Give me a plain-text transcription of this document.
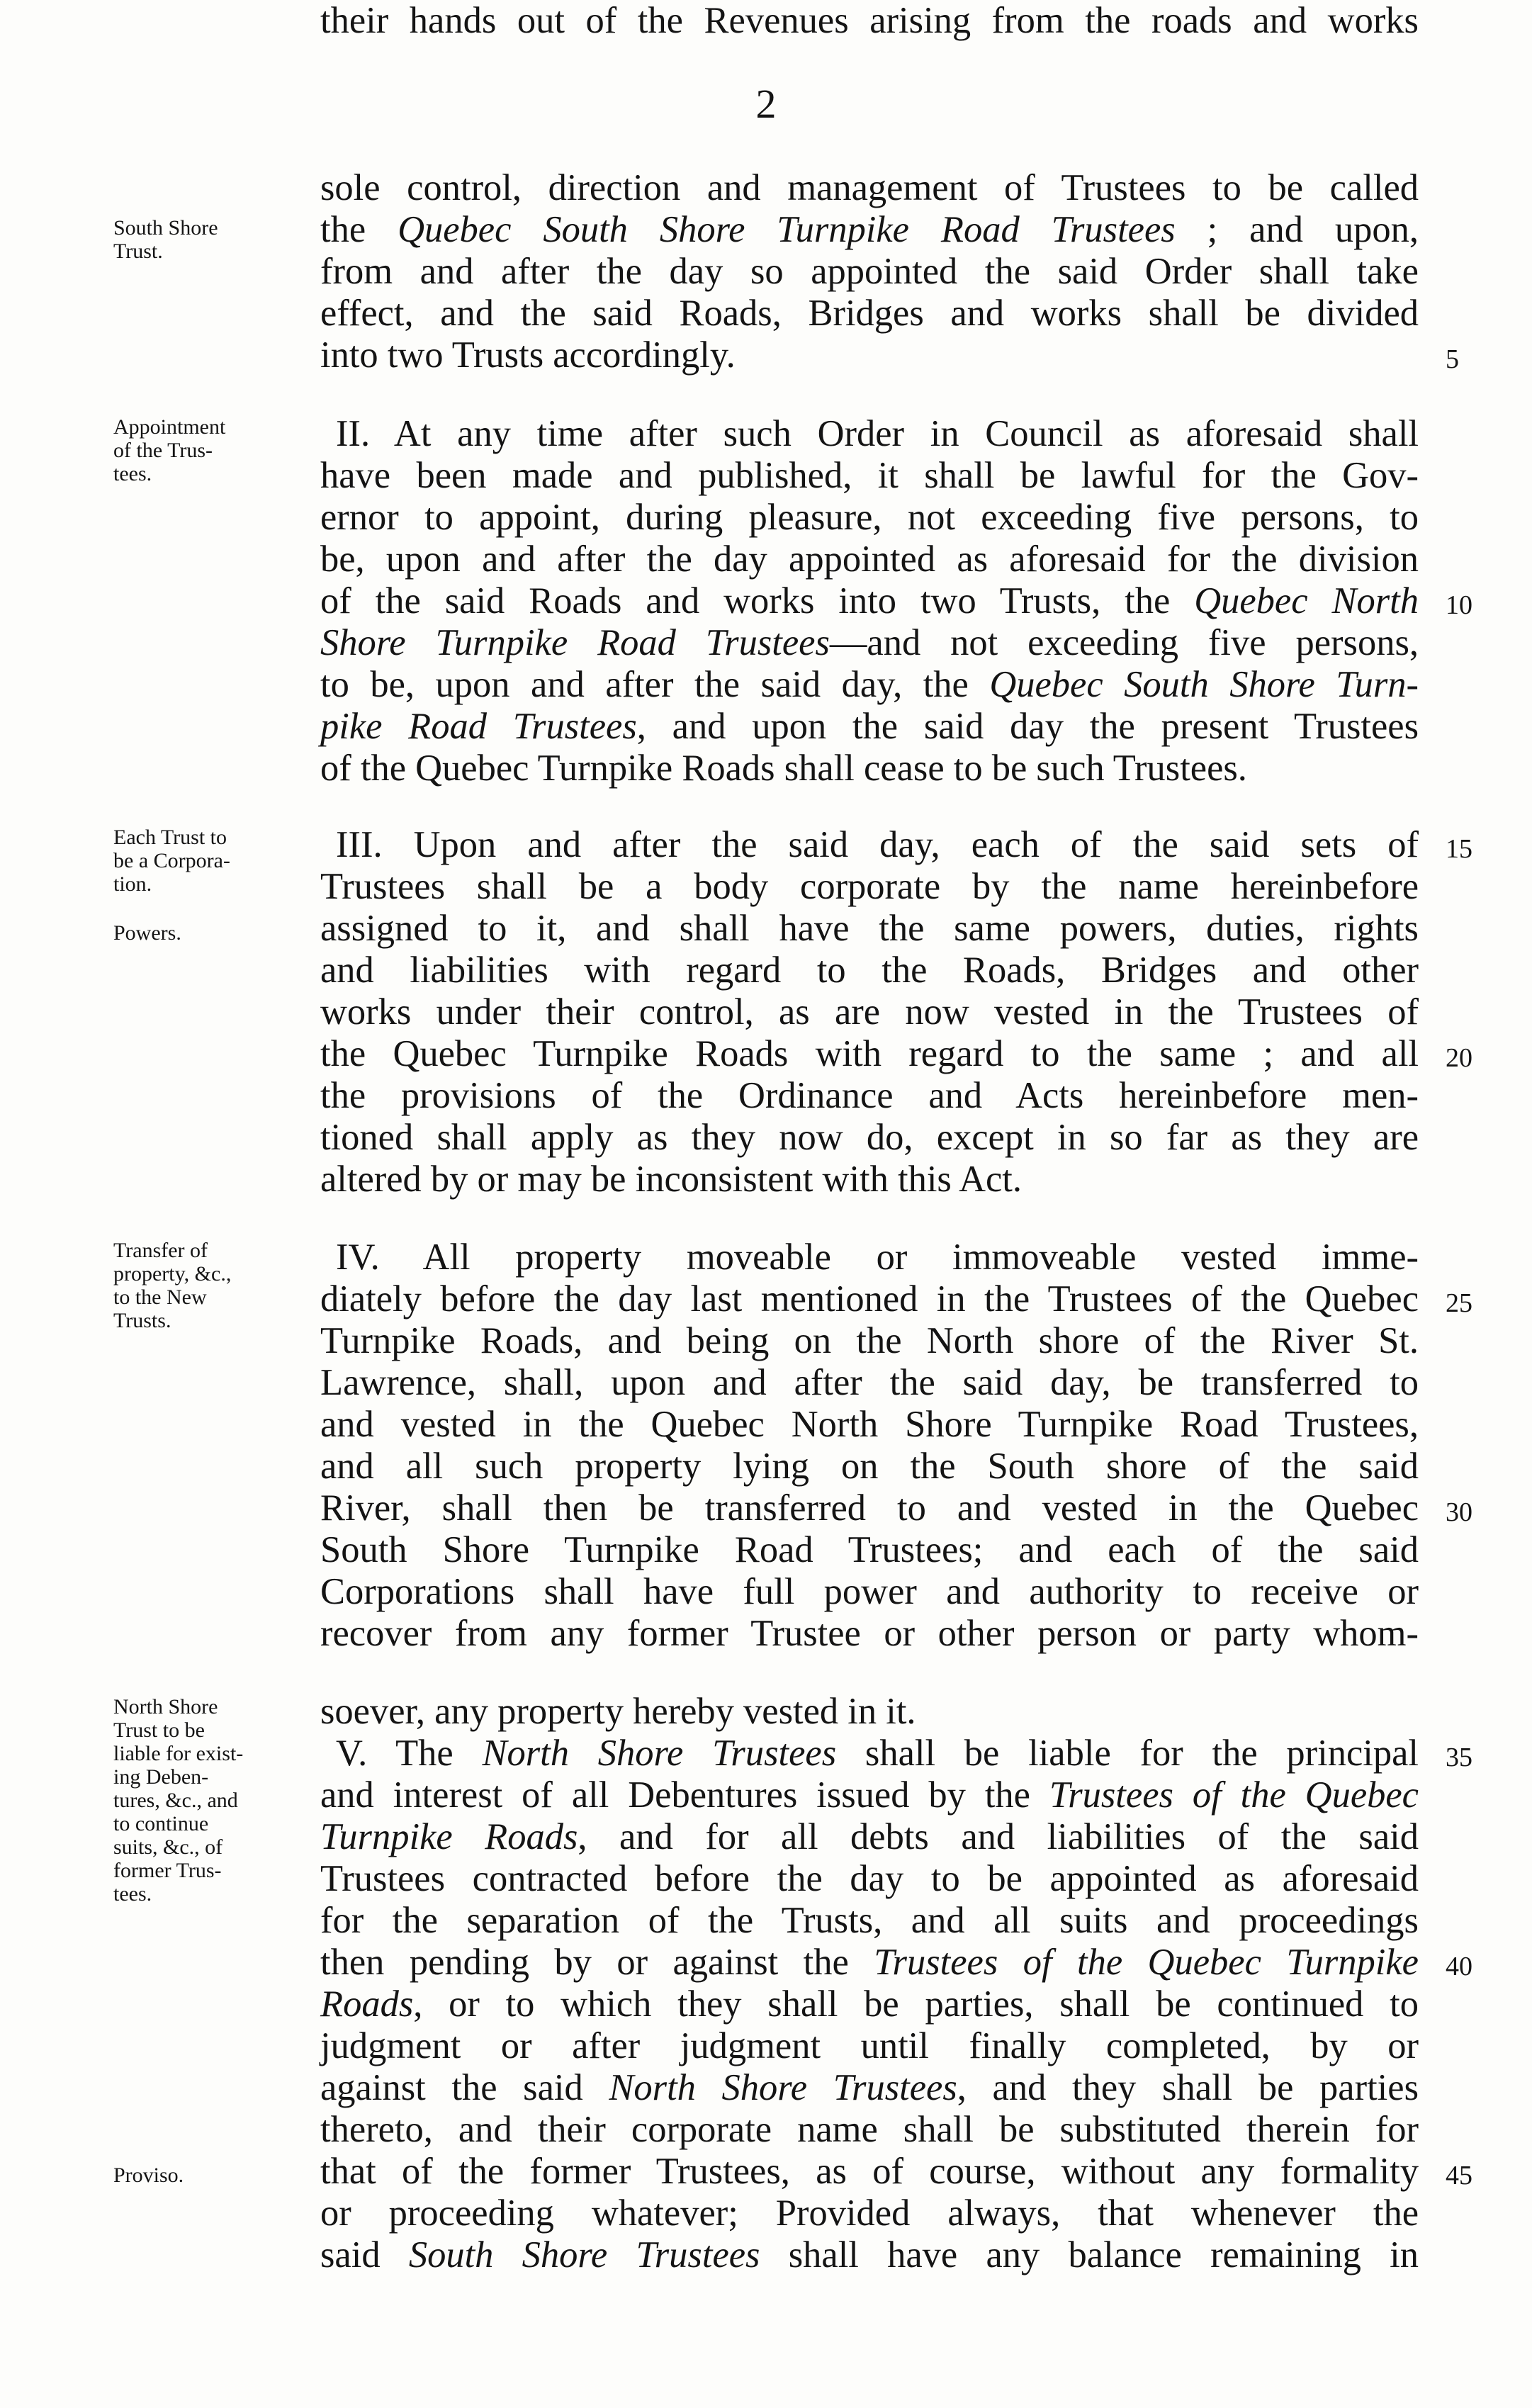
2
sole control, direction and management of Trustees to be called
the Quebec South Shore Turnpike Road Trustees ; and upon,
from and after the day so appointed the said Order shall take
effect, and the said Roads, Bridges and works shall be divided
into two Trusts accordingly.
II. At any time after such Order in Council as aforesaid shall
have been made and published, it shall be lawful for the Gov-
ernor to appoint, during pleasure, not exceeding five persons, to
be, upon and after the day appointed as aforesaid for the division
of the said Roads and works into two Trusts, the Quebec North
Shore Turnpike Road Trustees—and not exceeding five persons,
to be, upon and after the said day, the Quebec South Shore Turn-
pike Road Trustees, and upon the said day the present Trustees
of the Quebec Turnpike Roads shall cease to be such Trustees.
III. Upon and after the said day, each of the said sets of
Trustees shall be a body corporate by the name hereinbefore
assigned to it, and shall have the same powers, duties, rights
and liabilities with regard to the Roads, Bridges and other
works under their control, as are now vested in the Trustees of
the Quebec Turnpike Roads with regard to the same ; and all
the provisions of the Ordinance and Acts hereinbefore men-
tioned shall apply as they now do, except in so far as they are
altered by or may be inconsistent with this Act.
IV. All property moveable or immoveable vested imme-
diately before the day last mentioned in the Trustees of the Quebec
Turnpike Roads, and being on the North shore of the River St.
Lawrence, shall, upon and after the said day, be transferred to
and vested in the Quebec North Shore Turnpike Road Trustees,
and all such property lying on the South shore of the said
River, shall then be transferred to and vested in the Quebec
South Shore Turnpike Road Trustees; and each of the said
Corporations shall have full power and authority to receive or
recover from any former Trustee or other person or party whom-
soever, any property hereby vested in it.
V. The North Shore Trustees shall be liable for the principal
and interest of all Debentures issued by the Trustees of the Quebec
Turnpike Roads, and for all debts and liabilities of the said
Trustees contracted before the day to be appointed as aforesaid
for the separation of the Trusts, and all suits and proceedings
then pending by or against the Trustees of the Quebec Turnpike
Roads, or to which they shall be parties, shall be continued to
judgment or after judgment until finally completed, by or
against the said North Shore Trustees, and they shall be parties
thereto, and their corporate name shall be substituted therein for
that of the former Trustees, as of course, without any formality
or proceeding whatever; Provided always, that whenever the
said South Shore Trustees shall have any balance remaining in
their hands out of the Revenues arising from the roads and works
5
10
15
20
25
30
35
40
45
South Shore
Trust.
Appointment
of the Trus-
tees.
Each Trust to
be a Corpora-
tion.
Powers.
Transfer of
property, &c.,
to the New
Trusts.
North Shore
Trust to be
liable for exist-
ing Deben-
tures, &c., and
to continue
suits, &c., of
former Trus-
tees.
Proviso.
